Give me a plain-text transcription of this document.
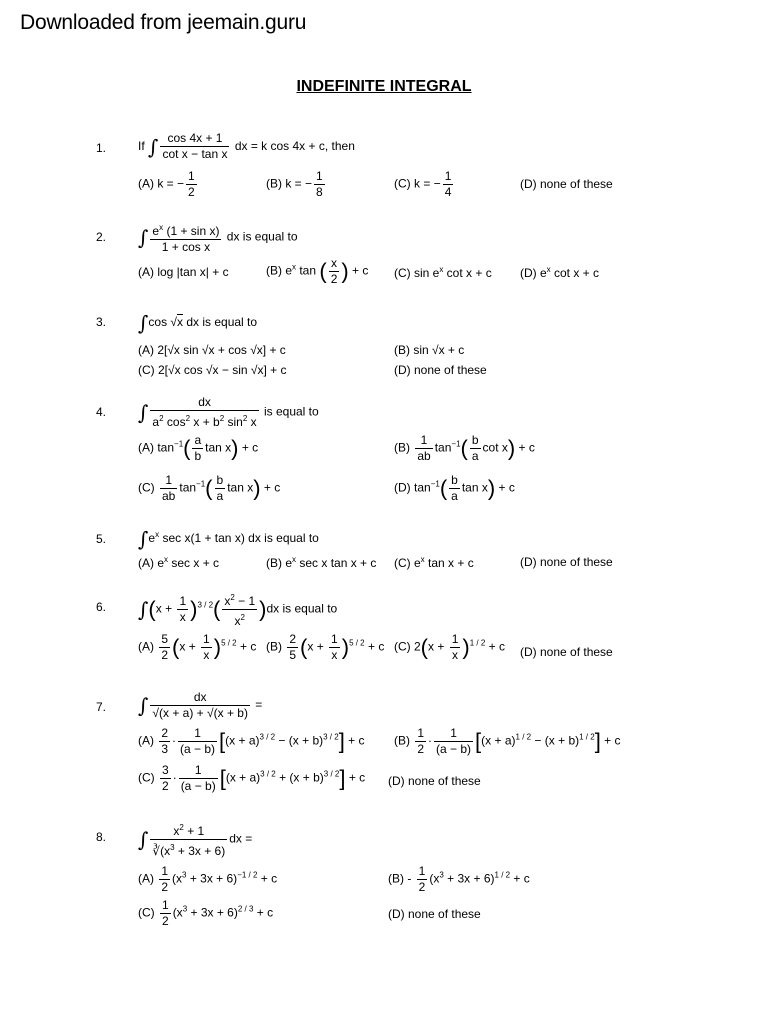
Downloaded from jeemain.guru
INDEFINITE INTEGRAL
1.	If ∫ $\frac{\cos 4x + 1}{\text{cot x − tan x}}$ dx = k cos 4x + c, then
(A) k = − $\frac{1}{2}$	(B) k = − $\frac{1}{8}$	(C) k = − $\frac{1}{4}$	(D) none of these
2. ∫ $\frac{e^x (1 + \sin x)}{\text{1 + cos x}}$ dx is equal to
(A) log |tan x| + c	(B) $e^x$ tan ( $\frac{x}{2}$ ) + c (C) $\sin e^x$ cot x + c (D) $e^x$ cot x + c
3. ∫cos √x dx is equal to
(A) 2[√x sin √x + cos √x] + c	(B) sin √x + c
(C) 2[√x cos √x − sin √x] + c	(D) none of these
4. ∫ $\frac{dx}{a^2 \cos^2 x + b^2 \sin^2 x}$ is equal to
(A) $\tan^{-1}( \frac{a}{b}$ tan x) + c	$(B) \frac{1}{ab} \tan^{-1}( \frac{b}{a}$ cot x) + c
$(C) \frac{1}{ab} \tan^{-1}( \frac{b}{a}$ tan x) + c	(D) $\tan^{-1}( \frac{b}{a}$ tan x) + c
5. $\int e^x$ sec x(1 + tan x) dx is equal to
(A) $e^x$ sec x + c	(B) $e^x$ sec x tan x + c (C) $e^x$ tan x + c	(D) none of these
6. $\int(x + \frac{1}{x} )^{3 / 2}( \frac{x^2 - 1}{x^2} )dx$ is equal to
$(A) \frac{5}{2} (x + \frac{1}{x} )^{5 / 2} + c$ $(B) \frac{2}{5} (x + \frac{1}{x} )^{5 / 2} + c$ (C) $2(x + \frac{1}{x} )^{1 / 2} + c$ (D) none of these
7. ∫ $\frac{dx}{√(x + a) + √(x + b)}$ =
$(A) \frac{2}{3} \cdot \frac{1}{(a - b)} [(x + a)^{3 / 2} - (x + b)^{3 / 2}] + c$ $(B) \frac{1}{2} \cdot \frac{1}{(a - b)} [(x + a)^{1 / 2} - (x + b)^{1 / 2}] + c$
$(C) \frac{3}{2} \cdot \frac{1}{(a - b)} [(x + a)^{3 / 2} + (x + b)^{3 / 2}] + c$ (D) none of these
8. ∫ $\frac{x^2 + 1}{∛(x^3 + 3x + 6)}$ dx =
$(A) \frac{1}{2} (x^3 + 3x + 6)^{-1 / 2} + c$	$(B) - \frac{1}{2} (x^3 + 3x + 6)^{1 / 2} + c$
$(C) \frac{1}{2} (x^3 + 3x + 6)^{2 / 3} + c$	(D) none of these
